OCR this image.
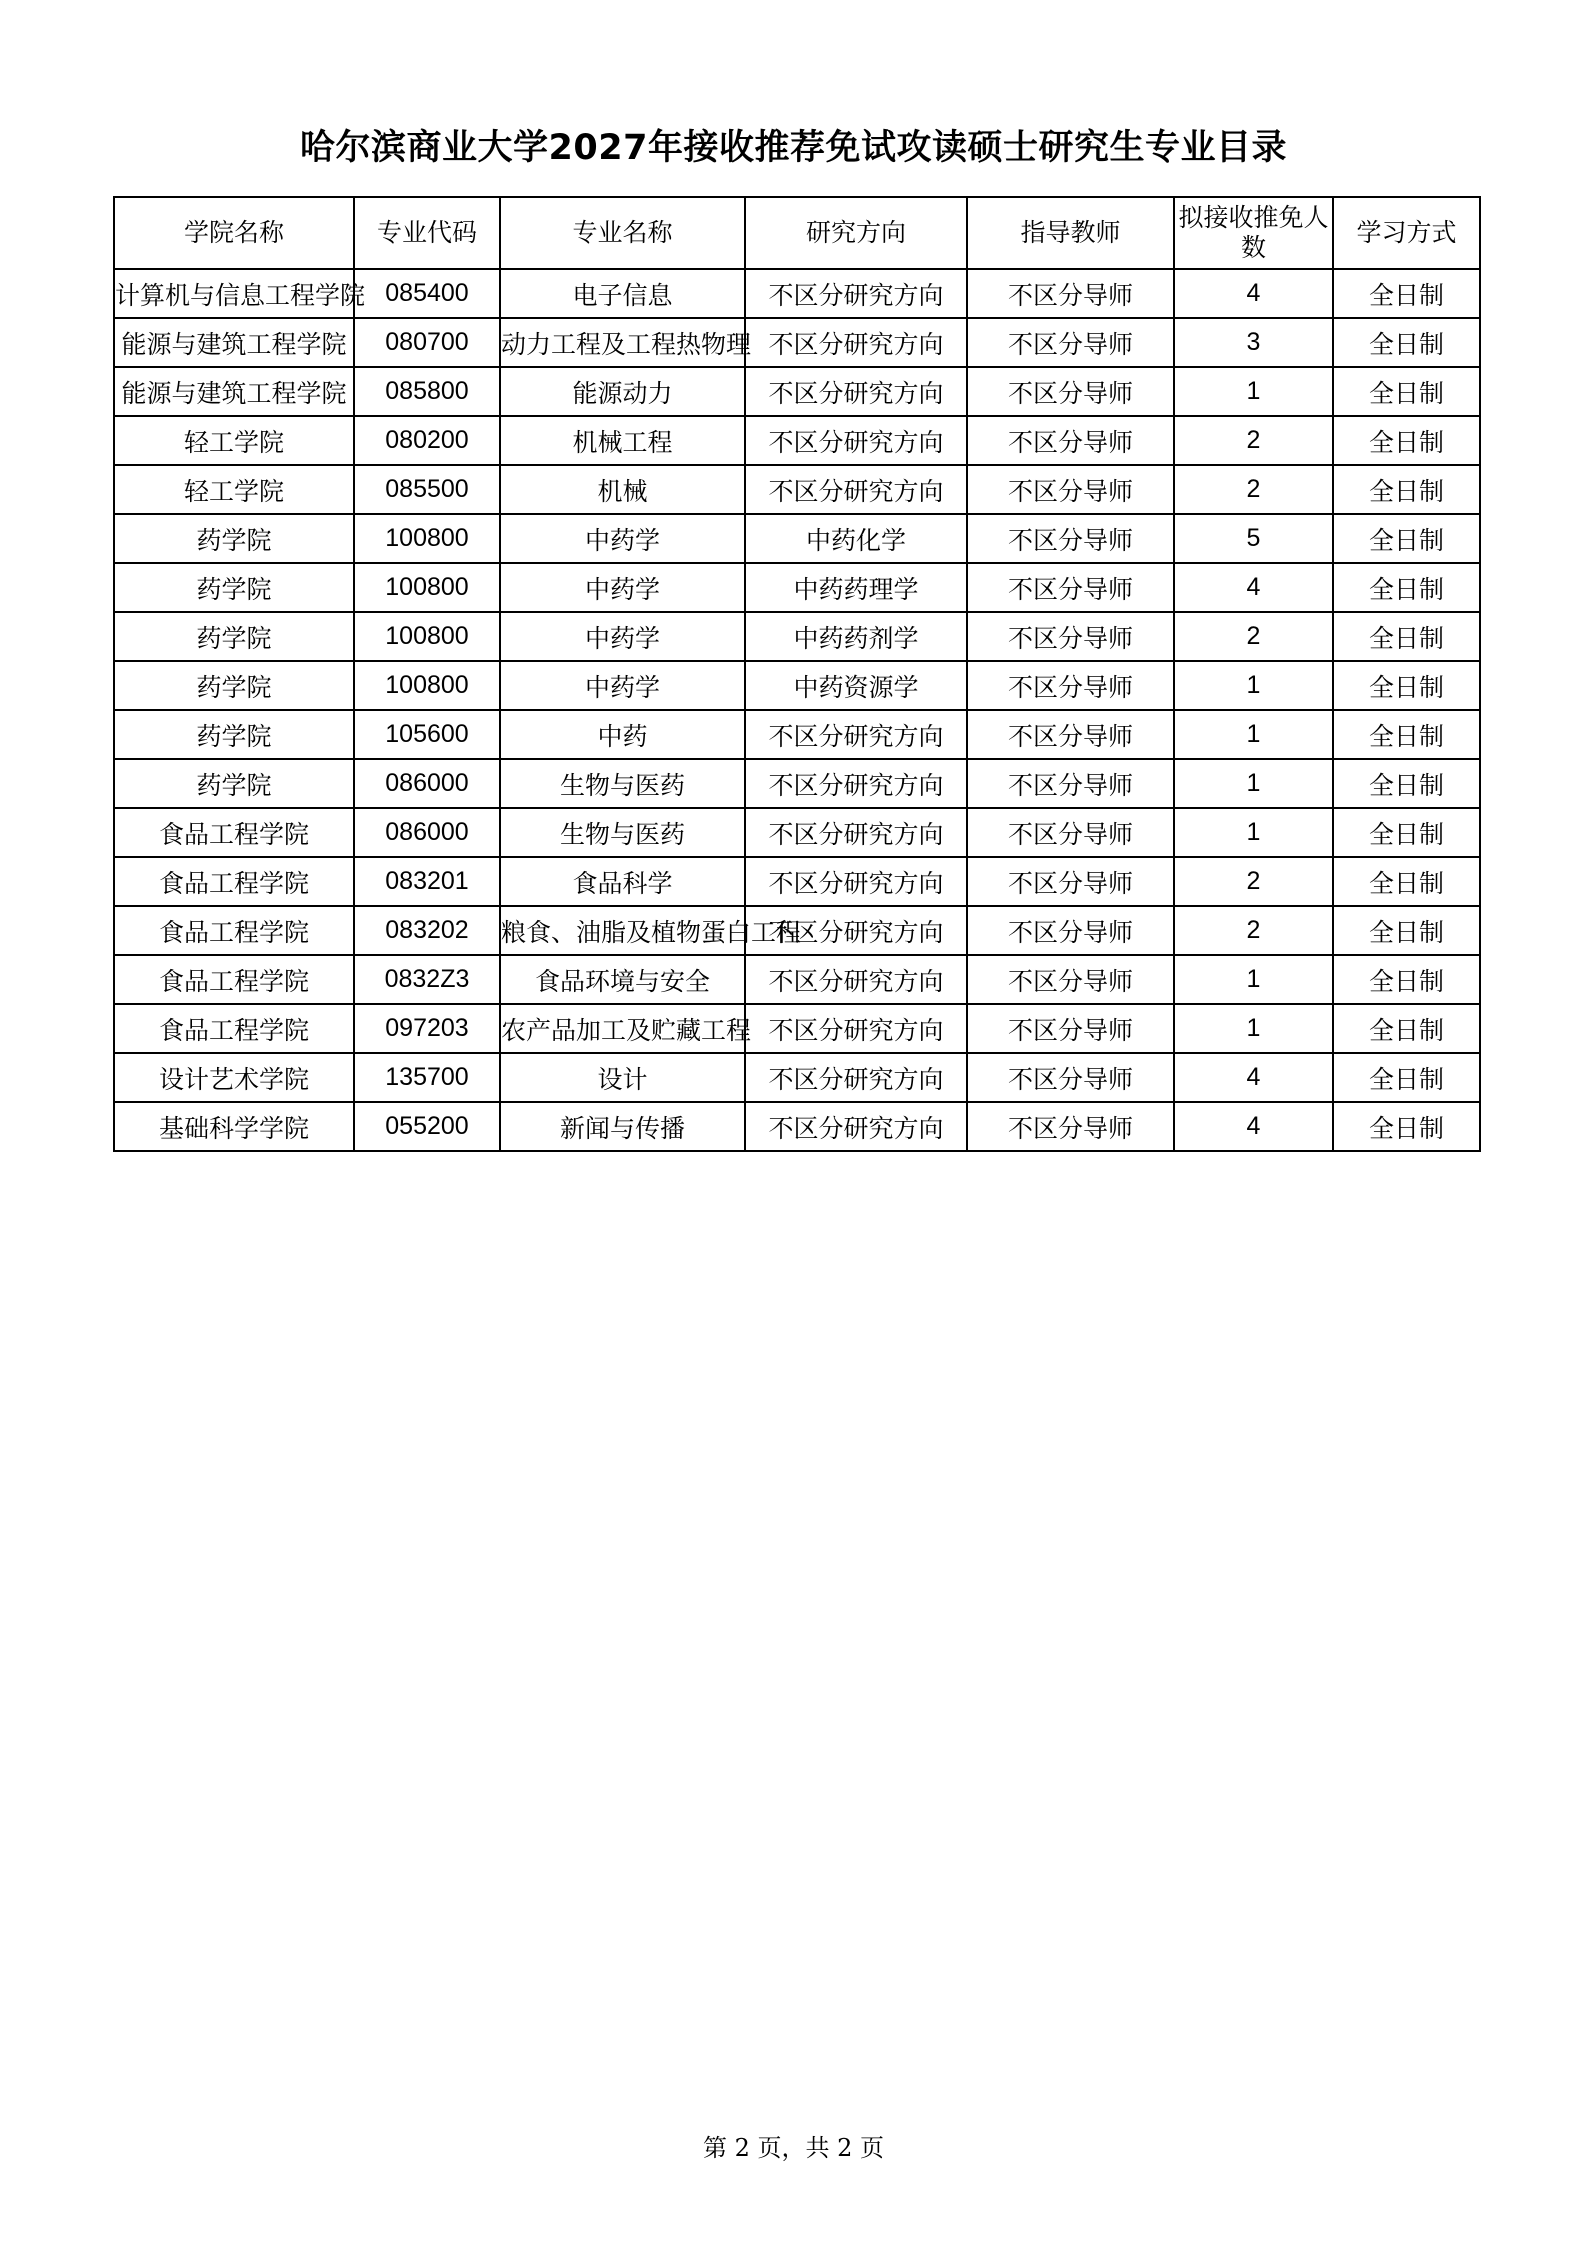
哈尔滨商业大学2027年接收推荐免试攻读硕士研究生专业目录
学院名称	专业代码	专业名称	研究方向	指导教师	拟接收推免人数	学习方式
计算机与信息工程学院	085400	电子信息	不区分研究方向	不区分导师	4	全日制
能源与建筑工程学院	080700	动力工程及工程热物理	不区分研究方向	不区分导师	3	全日制
能源与建筑工程学院	085800	能源动力	不区分研究方向	不区分导师	1	全日制
轻工学院	080200	机械工程	不区分研究方向	不区分导师	2	全日制
轻工学院	085500	机械	不区分研究方向	不区分导师	2	全日制
药学院	100800	中药学	中药化学	不区分导师	5	全日制
药学院	100800	中药学	中药药理学	不区分导师	4	全日制
药学院	100800	中药学	中药药剂学	不区分导师	2	全日制
药学院	100800	中药学	中药资源学	不区分导师	1	全日制
药学院	105600	中药	不区分研究方向	不区分导师	1	全日制
药学院	086000	生物与医药	不区分研究方向	不区分导师	1	全日制
食品工程学院	086000	生物与医药	不区分研究方向	不区分导师	1	全日制
食品工程学院	083201	食品科学	不区分研究方向	不区分导师	2	全日制
食品工程学院	083202	粮食、油脂及植物蛋白工程	不区分研究方向	不区分导师	2	全日制
食品工程学院	0832Z3	食品环境与安全	不区分研究方向	不区分导师	1	全日制
食品工程学院	097203	农产品加工及贮藏工程	不区分研究方向	不区分导师	1	全日制
设计艺术学院	135700	设计	不区分研究方向	不区分导师	4	全日制
基础科学学院	055200	新闻与传播	不区分研究方向	不区分导师	4	全日制
第 2 页，共 2 页
